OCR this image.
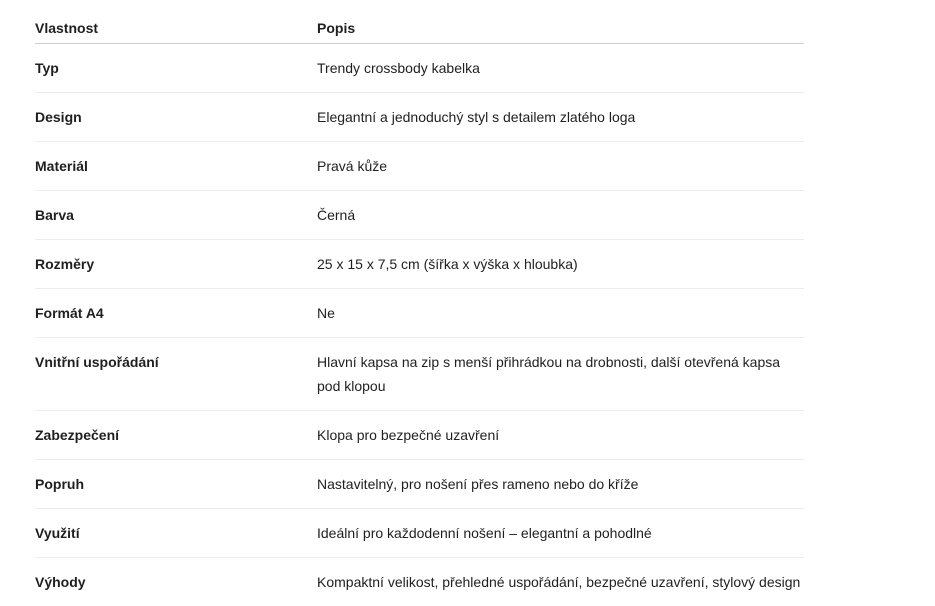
Vlastnost	Popis
Typ	Trendy crossbody kabelka
Design	Elegantní a jednoduchý styl s detailem zlatého loga
Materiál	Pravá kůže
Barva	Černá
Rozměry	25 x 15 x 7,5 cm (šířka x výška x hloubka)
Formát A4	Ne
Vnitřní uspořádání	Hlavní kapsa na zip s menší přihrádkou na drobnosti, další otevřená kapsa pod klopou
Zabezpečení	Klopa pro bezpečné uzavření
Popruh	Nastavitelný, pro nošení přes rameno nebo do kříže
Využití	Ideální pro každodenní nošení – elegantní a pohodlné
Výhody	Kompaktní velikost, přehledné uspořádání, bezpečné uzavření, stylový design
